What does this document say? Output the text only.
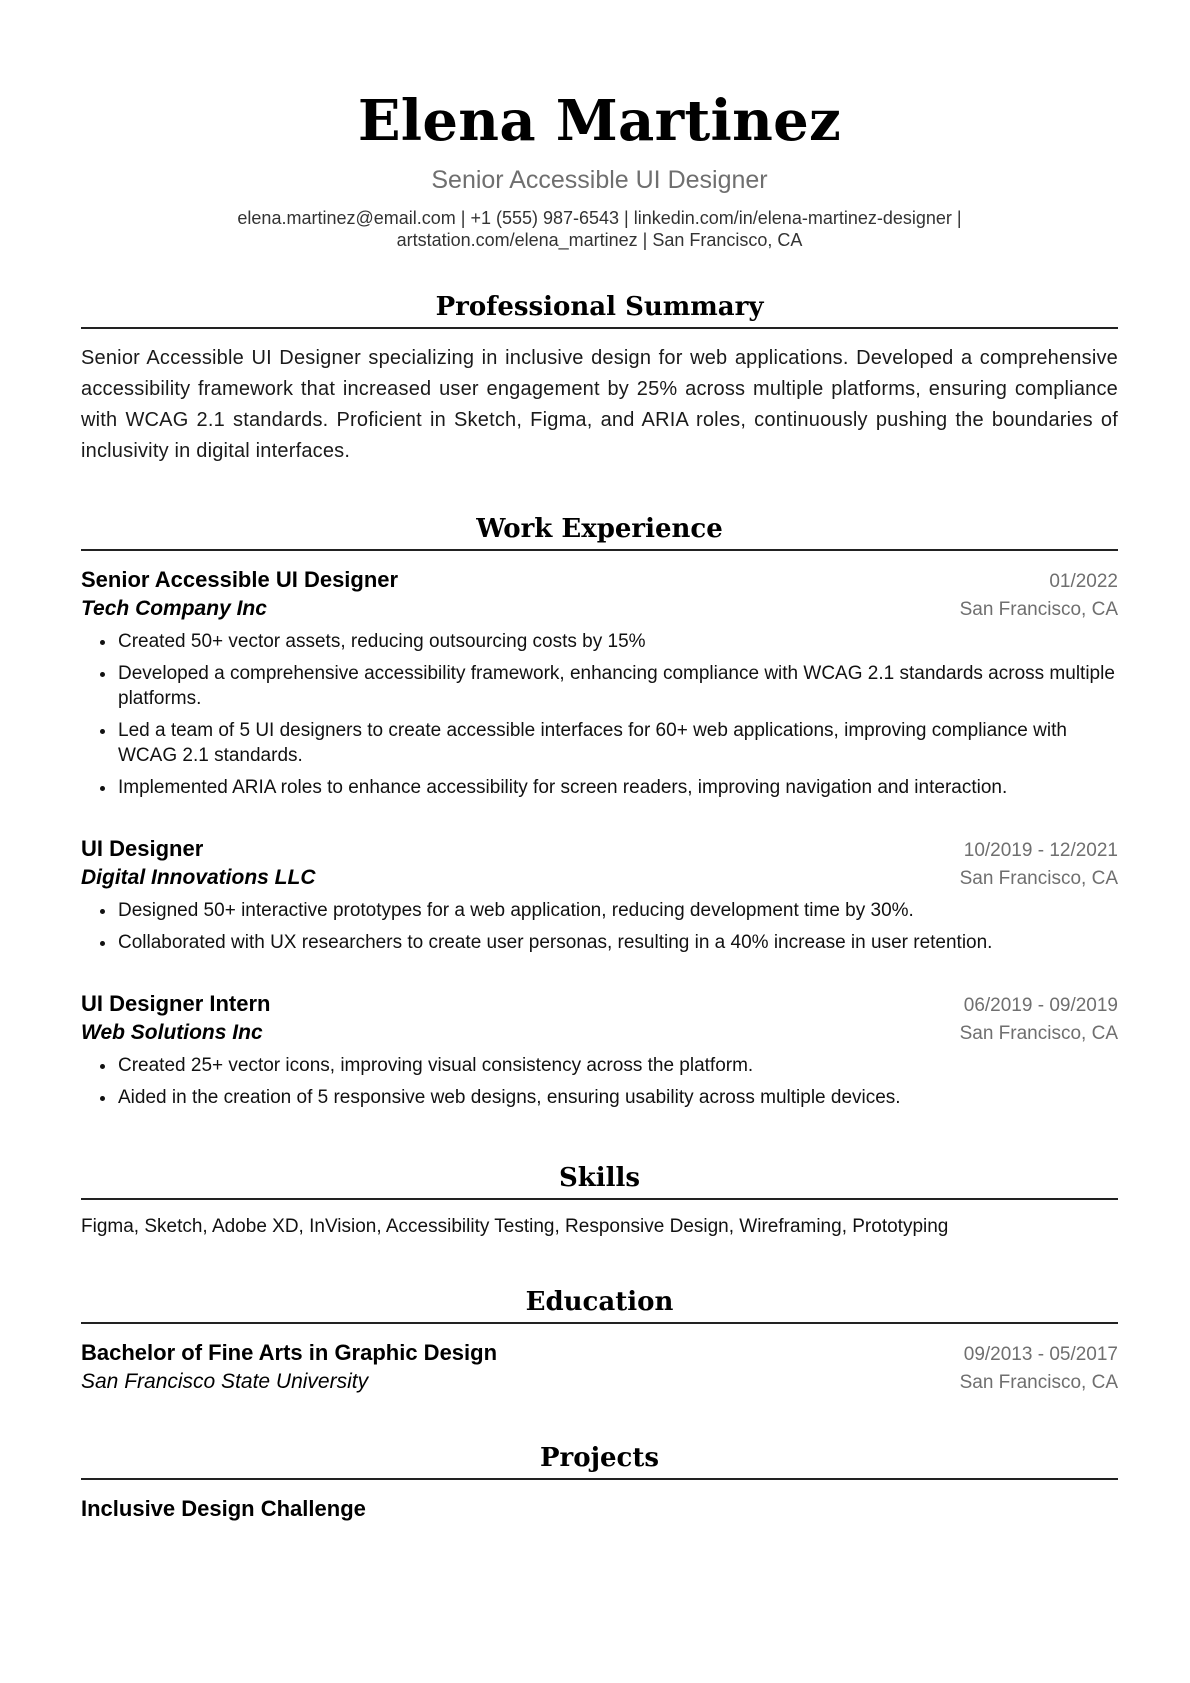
Elena Martinez
Senior Accessible UI Designer
elena.martinez@email.com | +1 (555) 987-6543 | linkedin.com/in/elena-martinez-designer |
artstation.com/elena_martinez | San Francisco, CA
Professional Summary
Senior Accessible UI Designer specializing in inclusive design for web applications. Developed a comprehensive accessibility framework that increased user engagement by 25% across multiple platforms, ensuring compliance with WCAG 2.1 standards. Proficient in Sketch, Figma, and ARIA roles, continuously pushing the boundaries of inclusivity in digital interfaces.
Work Experience
Senior Accessible UI Designer	01/2022
Tech Company Inc	San Francisco, CA
• Created 50+ vector assets, reducing outsourcing costs by 15%
• Developed a comprehensive accessibility framework, enhancing compliance with WCAG 2.1 standards across multiple platforms.
• Led a team of 5 UI designers to create accessible interfaces for 60+ web applications, improving compliance with WCAG 2.1 standards.
• Implemented ARIA roles to enhance accessibility for screen readers, improving navigation and interaction.
UI Designer	10/2019 - 12/2021
Digital Innovations LLC	San Francisco, CA
• Designed 50+ interactive prototypes for a web application, reducing development time by 30%.
• Collaborated with UX researchers to create user personas, resulting in a 40% increase in user retention.
UI Designer Intern	06/2019 - 09/2019
Web Solutions Inc	San Francisco, CA
• Created 25+ vector icons, improving visual consistency across the platform.
• Aided in the creation of 5 responsive web designs, ensuring usability across multiple devices.
Skills
Figma, Sketch, Adobe XD, InVision, Accessibility Testing, Responsive Design, Wireframing, Prototyping
Education
Bachelor of Fine Arts in Graphic Design	09/2013 - 05/2017
San Francisco State University	San Francisco, CA
Projects
Inclusive Design Challenge
